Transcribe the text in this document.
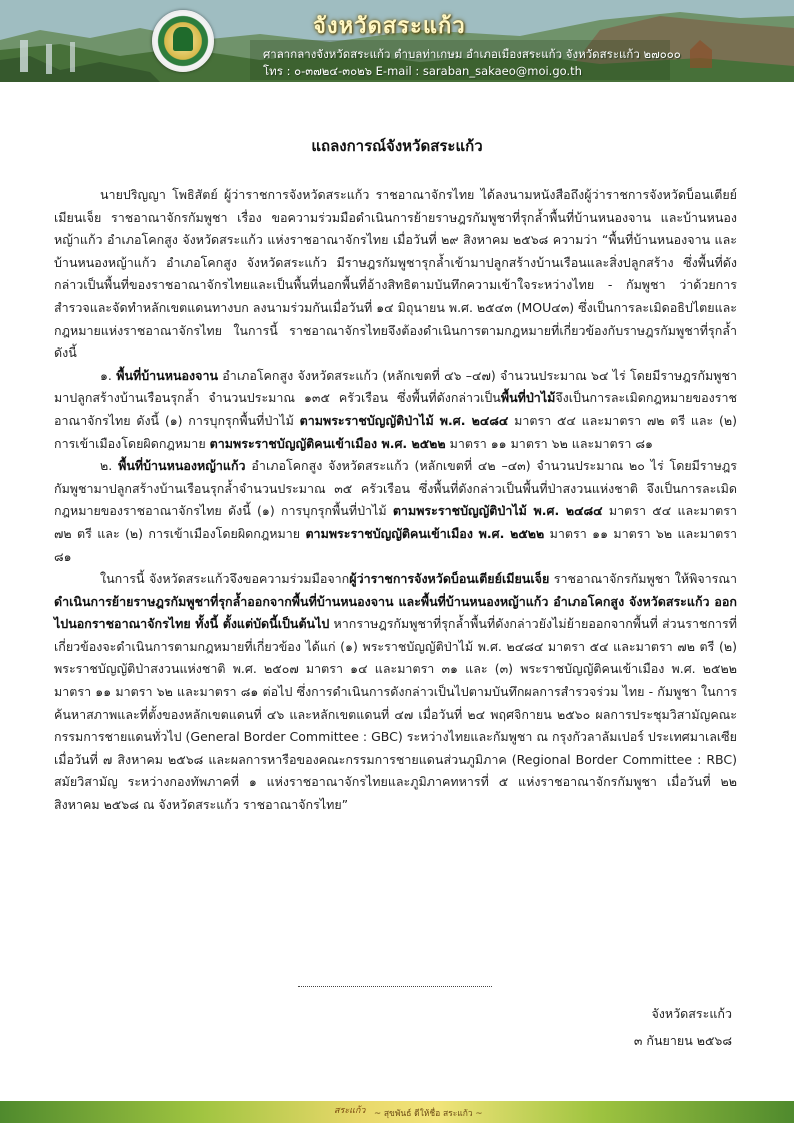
จังหวัดสระแก้ว
ศาลากลางจังหวัดสระแก้ว ตำบลท่าเกษม อำเภอเมืองสระแก้ว จังหวัดสระแก้ว ๒๗๐๐๐
โทร : ๐-๓๗๒๔-๓๐๒๖ E-mail : saraban_sakaeo@moi.go.th
แถลงการณ์จังหวัดสระแก้ว

นายปริญญา โพธิสัตย์ ผู้ว่าราชการจังหวัดสระแก้ว ราชอาณาจักรไทย ได้ลงนามหนังสือถึงผู้ว่าราชการจังหวัดบ็อนเตียย์เมียนเจ็ย ราชอาณาจักรกัมพูชา เรื่อง ขอความร่วมมือดำเนินการย้ายราษฎรกัมพูชาที่รุกล้ำพื้นที่บ้านหนองจาน และบ้านหนองหญ้าแก้ว อำเภอโคกสูง จังหวัดสระแก้ว แห่งราชอาณาจักรไทย เมื่อวันที่ ๒๙ สิงหาคม ๒๕๖๘ ความว่า “พื้นที่บ้านหนองจาน และบ้านหนองหญ้าแก้ว อำเภอโคกสูง จังหวัดสระแก้ว มีราษฎรกัมพูชารุกล้ำเข้ามาปลูกสร้างบ้านเรือนและสิ่งปลูกสร้าง ซึ่งพื้นที่ดังกล่าวเป็นพื้นที่ของราชอาณาจักรไทยและเป็นพื้นที่นอกพื้นที่อ้างสิทธิตามบันทึกความเข้าใจระหว่างไทย - กัมพูชา ว่าด้วยการสำรวจและจัดทำหลักเขตแดนทางบก ลงนามร่วมกันเมื่อวันที่ ๑๔ มิถุนายน พ.ศ. ๒๕๔๓ (MOU๔๓) ซึ่งเป็นการละเมิดอธิปไตยและกฎหมายแห่งราชอาณาจักรไทย ในการนี้ ราชอาณาจักรไทยจึงต้องดำเนินการตามกฎหมายที่เกี่ยวข้องกับราษฎรกัมพูชาที่รุกล้ำ ดังนี้

๑. พื้นที่บ้านหนองจาน อำเภอโคกสูง จังหวัดสระแก้ว (หลักเขตที่ ๔๖ –๔๗) จำนวนประมาณ ๖๔ ไร่ โดยมีราษฎรกัมพูชามาปลูกสร้างบ้านเรือนรุกล้ำ จำนวนประมาณ ๑๓๕ ครัวเรือน ซึ่งพื้นที่ดังกล่าวเป็นพื้นที่ป่าไม้จึงเป็นการละเมิดกฎหมายของราชอาณาจักรไทย ดังนี้ (๑) การบุกรุกพื้นที่ป่าไม้ ตามพระราชบัญญัติป่าไม้ พ.ศ. ๒๔๘๔ มาตรา ๕๔ และมาตรา ๗๒ ตรี และ (๒) การเข้าเมืองโดยผิดกฎหมาย ตามพระราชบัญญัติคนเข้าเมือง พ.ศ. ๒๕๒๒ มาตรา ๑๑ มาตรา ๖๒ และมาตรา ๘๑

๒. พื้นที่บ้านหนองหญ้าแก้ว อำเภอโคกสูง จังหวัดสระแก้ว (หลักเขตที่ ๔๒ –๔๓) จำนวนประมาณ ๒๐ ไร่ โดยมีราษฎรกัมพูชามาปลูกสร้างบ้านเรือนรุกล้ำจำนวนประมาณ ๓๕ ครัวเรือน ซึ่งพื้นที่ดังกล่าวเป็นพื้นที่ป่าสงวนแห่งชาติ จึงเป็นการละเมิดกฎหมายของราชอาณาจักรไทย ดังนี้ (๑) การบุกรุกพื้นที่ป่าไม้ ตามพระราชบัญญัติป่าไม้ พ.ศ. ๒๔๘๔ มาตรา ๕๔ และมาตรา ๗๒ ตรี และ (๒) การเข้าเมืองโดยผิดกฎหมาย ตามพระราชบัญญัติคนเข้าเมือง พ.ศ. ๒๕๒๒ มาตรา ๑๑ มาตรา ๖๒ และมาตรา ๘๑

ในการนี้ จังหวัดสระแก้วจึงขอความร่วมมือจากผู้ว่าราชการจังหวัดบ็อนเตียย์เมียนเจ็ย ราชอาณาจักรกัมพูชา ให้พิจารณาดำเนินการย้ายราษฎรกัมพูชาที่รุกล้ำออกจากพื้นที่บ้านหนองจาน และพื้นที่บ้านหนองหญ้าแก้ว อำเภอโคกสูง จังหวัดสระแก้ว ออกไปนอกราชอาณาจักรไทย ทั้งนี้ ตั้งแต่บัดนี้เป็นต้นไป หากราษฎรกัมพูชาที่รุกล้ำพื้นที่ดังกล่าวยังไม่ย้ายออกจากพื้นที่ ส่วนราชการที่เกี่ยวข้องจะดำเนินการตามกฎหมายที่เกี่ยวข้อง ได้แก่ (๑) พระราชบัญญัติป่าไม้ พ.ศ. ๒๔๘๔ มาตรา ๕๔ และมาตรา ๗๒ ตรี (๒) พระราชบัญญัติป่าสงวนแห่งชาติ พ.ศ. ๒๕๐๗ มาตรา ๑๔ และมาตรา ๓๑ และ (๓) พระราชบัญญัติคนเข้าเมือง พ.ศ. ๒๕๒๒ มาตรา ๑๑ มาตรา ๖๒ และมาตรา ๘๑ ต่อไป ซึ่งการดำเนินการดังกล่าวเป็นไปตามบันทึกผลการสำรวจร่วม ไทย - กัมพูชา ในการค้นหาสภาพและที่ตั้งของหลักเขตแดนที่ ๔๖ และหลักเขตแดนที่ ๔๗ เมื่อวันที่ ๒๔ พฤศจิกายน ๒๕๖๐ ผลการประชุมวิสามัญคณะกรรมการชายแดนทั่วไป (General Border Committee : GBC) ระหว่างไทยและกัมพูชา ณ กรุงกัวลาลัมเปอร์ ประเทศมาเลเซีย เมื่อวันที่ ๗ สิงหาคม ๒๕๖๘ และผลการหารือของคณะกรรมการชายแดนส่วนภูมิภาค (Regional Border Committee : RBC) สมัยวิสามัญ ระหว่างกองทัพภาคที่ ๑ แห่งราชอาณาจักรไทยและภูมิภาคทหารที่ ๕ แห่งราชอาณาจักรกัมพูชา เมื่อวันที่ ๒๒ สิงหาคม ๒๕๖๘ ณ จังหวัดสระแก้ว ราชอาณาจักรไทย”

จังหวัดสระแก้ว
๓ กันยายน ๒๕๖๘
สระแก้ว ~ สุขพันธ์ ดีให้ชื่อ สระแก้ว ~
